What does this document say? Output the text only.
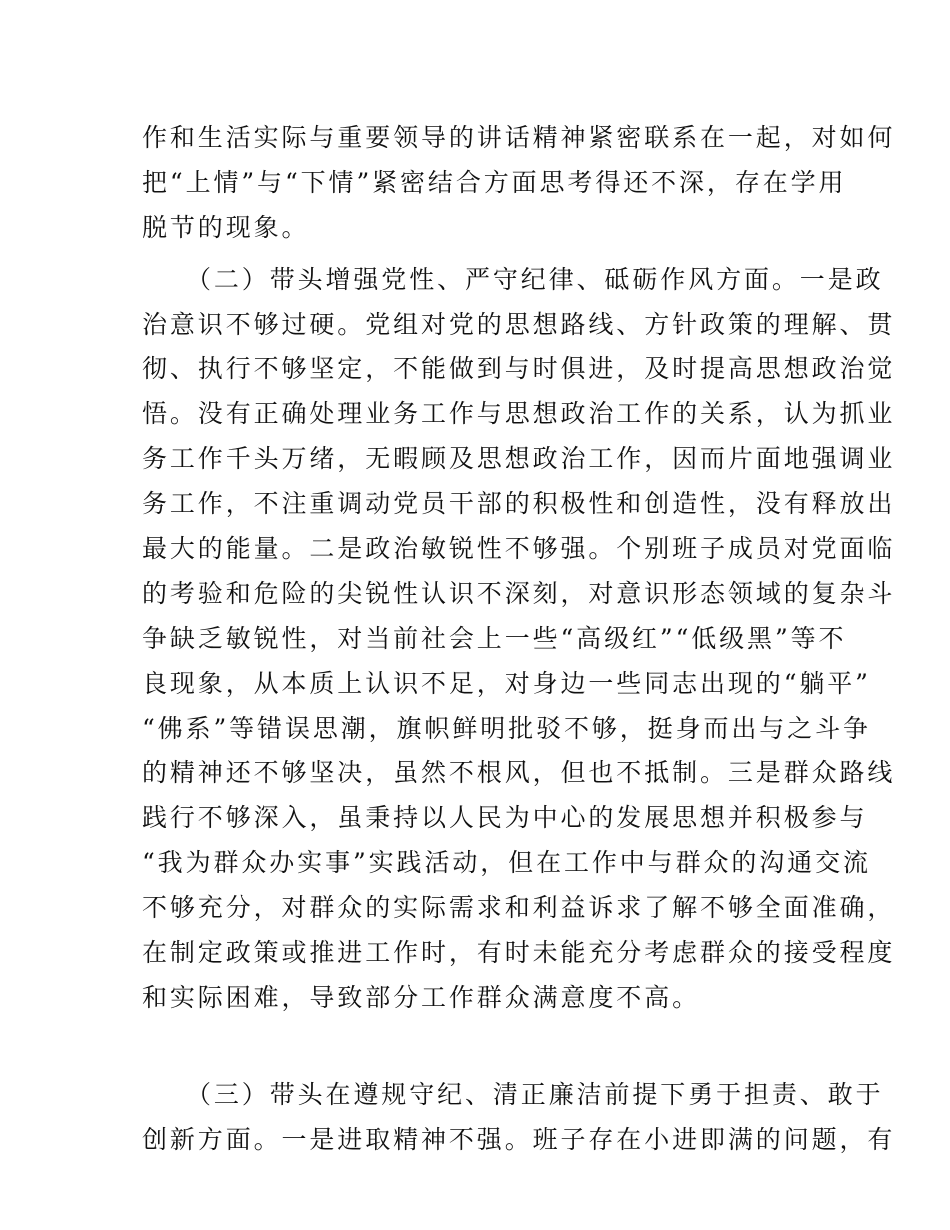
作和生活实际与重要领导的讲话精神紧密联系在一起，对如何
把“上情”与“下情”紧密结合方面思考得还不深，存在学用
脱节的现象。
（二）带头增强党性、严守纪律、砥砺作风方面。一是政
治意识不够过硬。党组对党的思想路线、方针政策的理解、贯
彻、执行不够坚定，不能做到与时俱进，及时提高思想政治觉
悟。没有正确处理业务工作与思想政治工作的关系，认为抓业
务工作千头万绪，无暇顾及思想政治工作，因而片面地强调业
务工作，不注重调动党员干部的积极性和创造性，没有释放出
最大的能量。二是政治敏锐性不够强。个别班子成员对党面临
的考验和危险的尖锐性认识不深刻，对意识形态领域的复杂斗
争缺乏敏锐性，对当前社会上一些“高级红”“低级黑”等不
良现象，从本质上认识不足，对身边一些同志出现的“躺平”
“佛系”等错误思潮，旗帜鲜明批驳不够，挺身而出与之斗争
的精神还不够坚决，虽然不根风，但也不抵制。三是群众路线
践行不够深入，虽秉持以人民为中心的发展思想并积极参与
“我为群众办实事”实践活动，但在工作中与群众的沟通交流
不够充分，对群众的实际需求和利益诉求了解不够全面准确，
在制定政策或推进工作时，有时未能充分考虑群众的接受程度
和实际困难，导致部分工作群众满意度不高。
（三）带头在遵规守纪、清正廉洁前提下勇于担责、敢于
创新方面。一是进取精神不强。班子存在小进即满的问题，有
